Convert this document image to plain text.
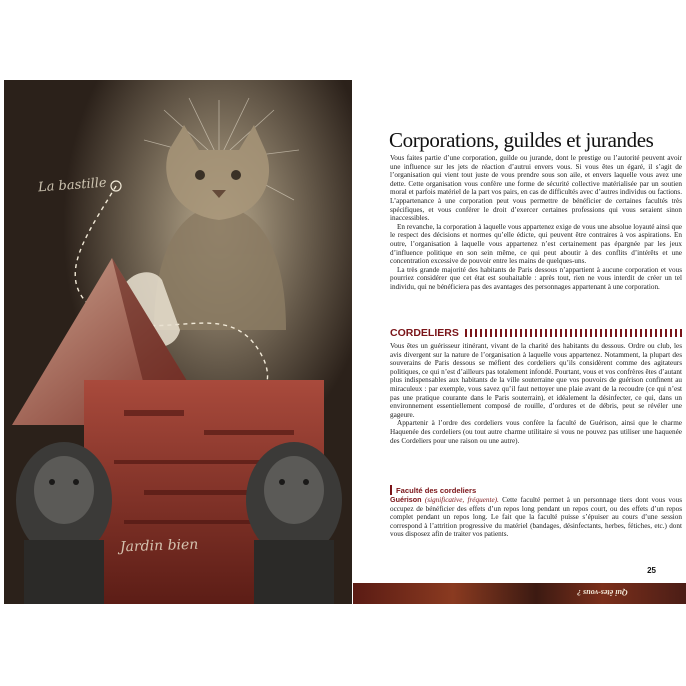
La bastille
Jardin bien
Corporations, guildes et jurandes

Vous faites partie d’une corporation, guilde ou jurande, dont le prestige ou l’autorité peuvent avoir une influence sur les jets de réaction d’autrui envers vous. Si vous êtes un égaré, il s’agit de l’organisation qui vient tout juste de vous prendre sous son aile, et envers laquelle vous avez une dette. Cette organisation vous confère une forme de sécurité collective matérialisée par un soutien moral et parfois matériel de la part vos pairs, en cas de difficultés avec d’autres individus ou factions. L’appartenance à une corporation peut vous permettre de bénéficier de certaines facultés très spécifiques, et vous conférer le droit d’exercer certaines professions qui vous seraient sinon inaccessibles.

En revanche, la corporation à laquelle vous appartenez exige de vous une absolue loyauté ainsi que le respect des décisions et normes qu’elle édicte, qui peuvent être contraires à vos aspirations. En outre, l’organisation à laquelle vous appartenez n’est certainement pas épargnée par les jeux d’influence politique en son sein même, ce qui peut aboutir à des conflits d’intérêts et une concentration excessive de pouvoir entre les mains de quelques-uns.

La très grande majorité des habitants de Paris dessous n’appartient à aucune corporation et vous pourriez considérer que cet état est souhaitable : après tout, rien ne vous interdit de créer un tel individu, qui ne bénéficiera pas des avantages des personnages appartenant à une corporation.

CORDELIERS

Vous êtes un guérisseur itinérant, vivant de la charité des habitants du dessous. Ordre ou club, les avis divergent sur la nature de l’organisation à laquelle vous appartenez. Notamment, la plupart des souverains de Paris dessous se méfient des cordeliers qu’ils considèrent comme des agitateurs politiques, ce qui n’est d’ailleurs pas totalement infondé. Pourtant, vous et vos confrères êtes d’autant plus indispensables aux habitants de la ville souterraine que vos pouvoirs de guérison confinent au miraculeux : par exemple, vous savez qu’il faut nettoyer une plaie avant de la recoudre (ce qui n’est pas une pratique courante dans le Paris souterrain), et idéalement la désinfecter, ce qui, dans un environnement essentiellement composé de rouille, d’ordures et de débris, peut se révéler une gageure.

Appartenir à l’ordre des cordeliers vous confère la faculté de Guérison, ainsi que le charme Haquenée des cordeliers (ou tout autre charme utilitaire si vous ne pouvez pas utiliser une haquenée des Cordeliers pour une raison ou une autre).

Faculté des cordeliers

Guérison (significative, fréquente). Cette faculté permet à un personnage tiers dont vous vous occupez de bénéficier des effets d’un repos long pendant un repos court, ou des effets d’un repos complet pendant un repos long. Le fait que la faculté puisse s’épuiser au cours d’une session correspond à l’attrition progressive du matériel (bandages, désinfectants, herbes, fétiches, etc.) dont vous disposez afin de traiter vos patients.

25
Qui êtes-vous ?
